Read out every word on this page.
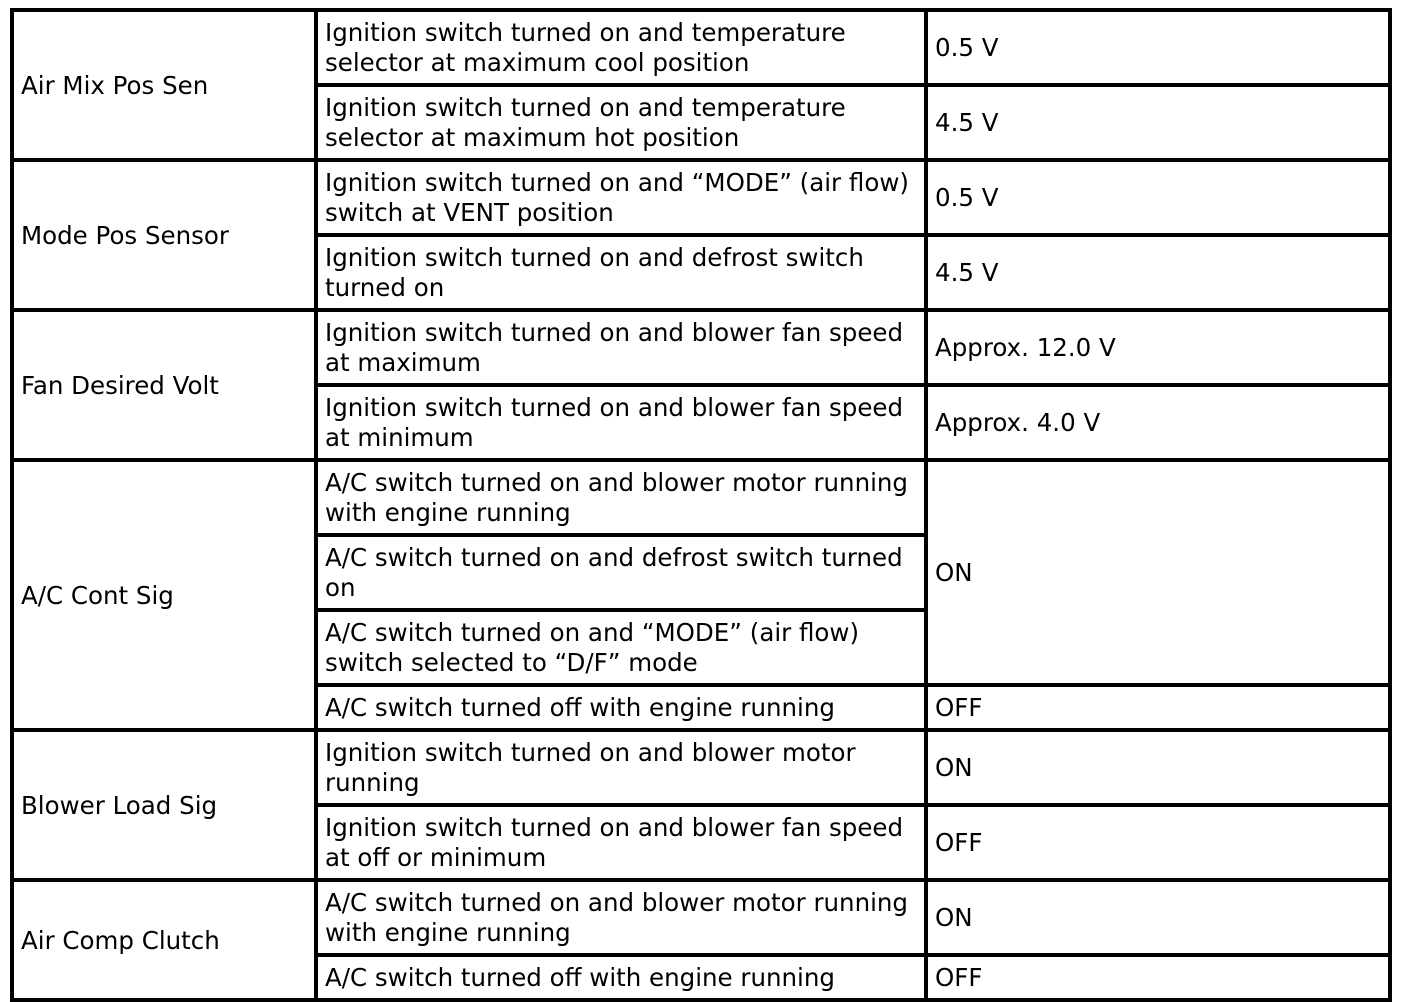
Air Mix Pos Sen	Ignition switch turned on and temperature selector at maximum cool position	0.5 V
	Ignition switch turned on and temperature selector at maximum hot position	4.5 V
Mode Pos Sensor	Ignition switch turned on and “MODE” (air flow) switch at VENT position	0.5 V
	Ignition switch turned on and defrost switch turned on	4.5 V
Fan Desired Volt	Ignition switch turned on and blower fan speed at maximum	Approx. 12.0 V
	Ignition switch turned on and blower fan speed at minimum	Approx. 4.0 V
A/C Cont Sig	A/C switch turned on and blower motor running with engine running	ON
	A/C switch turned on and defrost switch turned on	
	A/C switch turned on and “MODE” (air flow) switch selected to “D/F” mode	
	A/C switch turned off with engine running	OFF
Blower Load Sig	Ignition switch turned on and blower motor running	ON
	Ignition switch turned on and blower fan speed at off or minimum	OFF
Air Comp Clutch	A/C switch turned on and blower motor running with engine running	ON
	A/C switch turned off with engine running	OFF
